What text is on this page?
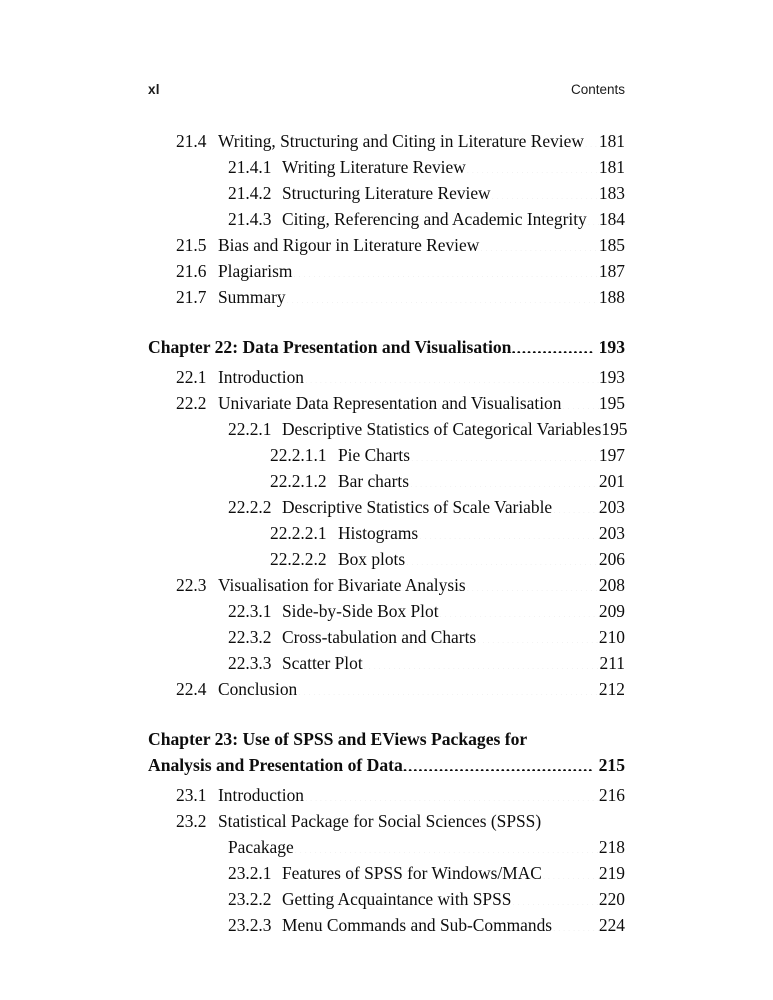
xl	Contents
21.4 Writing, Structuring and Citing in Literature Review ..... 181
21.4.1 Writing Literature Review .....	181
21.4.2 Structuring Literature Review .....	183
21.4.3 Citing, Referencing and Academic Integrity ..... 184
21.5 Bias and Rigour in Literature Review .....	185
21.6 Plagiarism .....	187
21.7 Summary .....	188
Chapter 22: Data Presentation and Visualisation .....	193
22.1 Introduction .....	193
22.2 Univariate Data Representation and Visualisation ..... 195
22.2.1 Descriptive Statistics of Categorical Variables 195
22.2.1.1 Pie Charts .....	197
22.2.1.2 Bar charts .....	201
22.2.2 Descriptive Statistics of Scale Variable .....	203
22.2.2.1 Histograms .....	203
22.2.2.2 Box plots .....	206
22.3 Visualisation for Bivariate Analysis .....	208
22.3.1 Side-by-Side Box Plot .....	209
22.3.2 Cross-tabulation and Charts .....	210
22.3.3 Scatter Plot .....	211
22.4 Conclusion .....	212
Chapter 23: Use of SPSS and EViews Packages for
Analysis and Presentation of Data .....	215
23.1 Introduction .....	216
23.2 Statistical Package for Social Sciences (SPSS)
Pacakage .....	218
23.2.1 Features of SPSS for Windows/MAC .....	219
23.2.2 Getting Acquaintance with SPSS .....	220
23.2.3 Menu Commands and Sub-Commands .....	224
